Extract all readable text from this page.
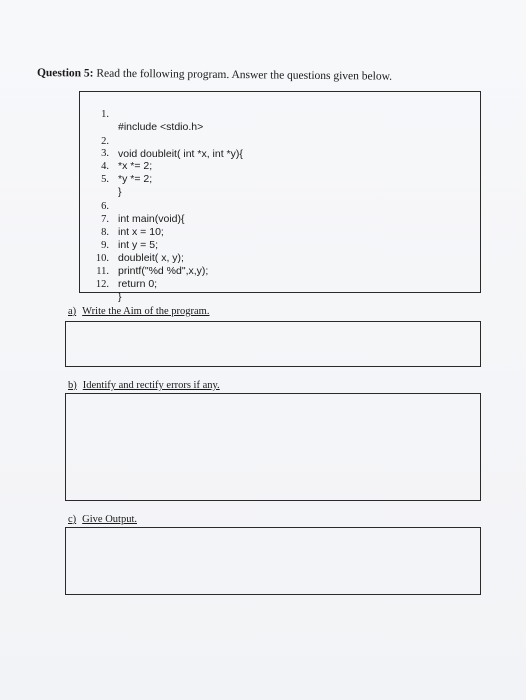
Question 5: Read the following program. Answer the questions given below.

1.

#include <stdio.h>

2.

void doubleit( int *x, int *y){

3.

*x *= 2;

4.

*y *= 2;

5.

}

6.

int main(void){

7.

int x = 10;

8.

int y = 5;

9.

doubleit( x, y);

10.

printf("%d %d",x,y);

11.

return 0;

12.

}

a) Write the Aim of the program.
b) Identify and rectify errors if any.
c) Give Output.
